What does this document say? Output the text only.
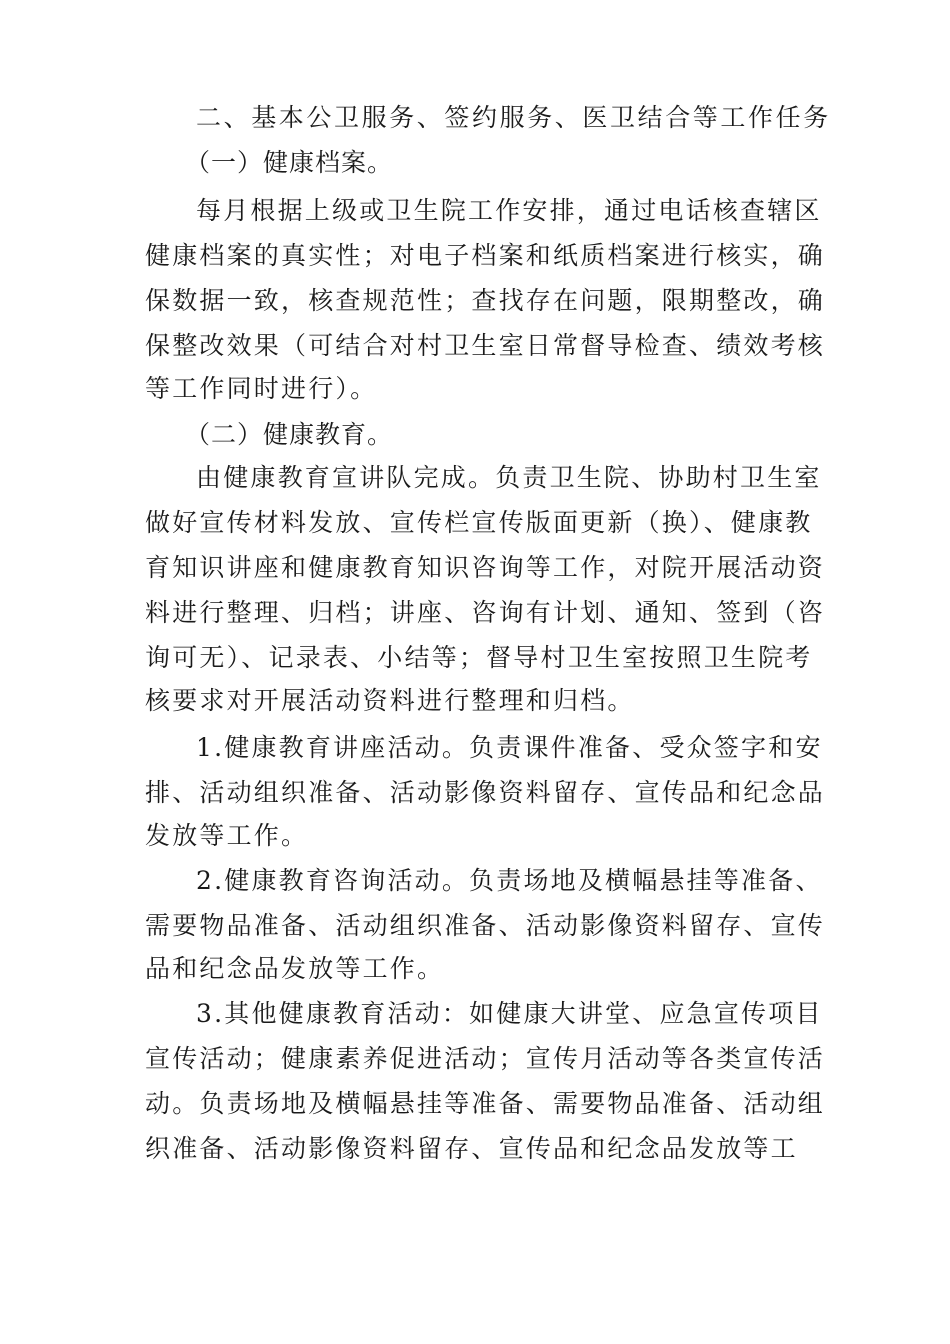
二、基本公卫服务、签约服务、医卫结合等工作任务
（一）健康档案。
每月根据上级或卫生院工作安排，通过电话核查辖区
健康档案的真实性；对电子档案和纸质档案进行核实，确
保数据一致，核查规范性；查找存在问题，限期整改，确
保整改效果（可结合对村卫生室日常督导检查、绩效考核
等工作同时进行）。
（二）健康教育。
由健康教育宣讲队完成。负责卫生院、协助村卫生室
做好宣传材料发放、宣传栏宣传版面更新（换）、健康教
育知识讲座和健康教育知识咨询等工作，对院开展活动资
料进行整理、归档；讲座、咨询有计划、通知、签到（咨
询可无）、记录表、小结等；督导村卫生室按照卫生院考
核要求对开展活动资料进行整理和归档。
1.健康教育讲座活动。负责课件准备、受众签字和安
排、活动组织准备、活动影像资料留存、宣传品和纪念品
发放等工作。
2.健康教育咨询活动。负责场地及横幅悬挂等准备、
需要物品准备、活动组织准备、活动影像资料留存、宣传
品和纪念品发放等工作。
3.其他健康教育活动：如健康大讲堂、应急宣传项目
宣传活动；健康素养促进活动；宣传月活动等各类宣传活
动。负责场地及横幅悬挂等准备、需要物品准备、活动组
织准备、活动影像资料留存、宣传品和纪念品发放等工
